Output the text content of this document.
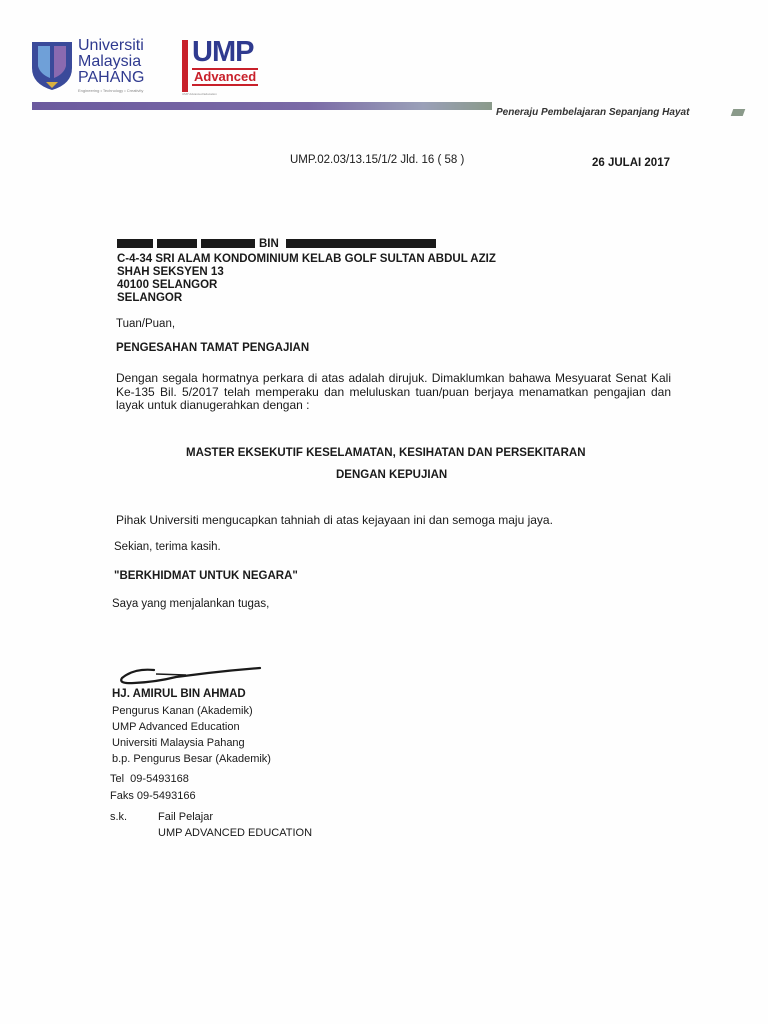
Universiti
Malaysia
PAHANG
Engineering • Technology • Creativity
UMP
Advanced
UMP Advanced Education
Peneraju Pembelajaran Sepanjang Hayat
UMP.02.03/13.15/1/2 Jld. 16 ( 58 )	26 JULAI 2017
BIN
C-4-34 SRI ALAM KONDOMINIUM KELAB GOLF SULTAN ABDUL AZIZ
SHAH SEKSYEN 13
40100 SELANGOR
SELANGOR
Tuan/Puan,
PENGESAHAN TAMAT PENGAJIAN
Dengan segala hormatnya perkara di atas adalah dirujuk. Dimaklumkan bahawa Mesyuarat Senat Kali Ke-135 Bil. 5/2017 telah memperaku dan meluluskan tuan/puan berjaya menamatkan pengajian dan layak untuk dianugerahkan dengan :
MASTER EKSEKUTIF KESELAMATAN, KESIHATAN DAN PERSEKITARAN
DENGAN KEPUJIAN
Pihak Universiti mengucapkan tahniah di atas kejayaan ini dan semoga maju jaya.
Sekian, terima kasih.
"BERKHIDMAT UNTUK NEGARA"
Saya yang menjalankan tugas,
HJ. AMIRUL BIN AHMAD
Pengurus Kanan (Akademik)
UMP Advanced Education
Universiti Malaysia Pahang
b.p. Pengurus Besar (Akademik)
Tel  09-5493168
Faks 09-5493166
s.k.	Fail Pelajar
UMP ADVANCED EDUCATION
